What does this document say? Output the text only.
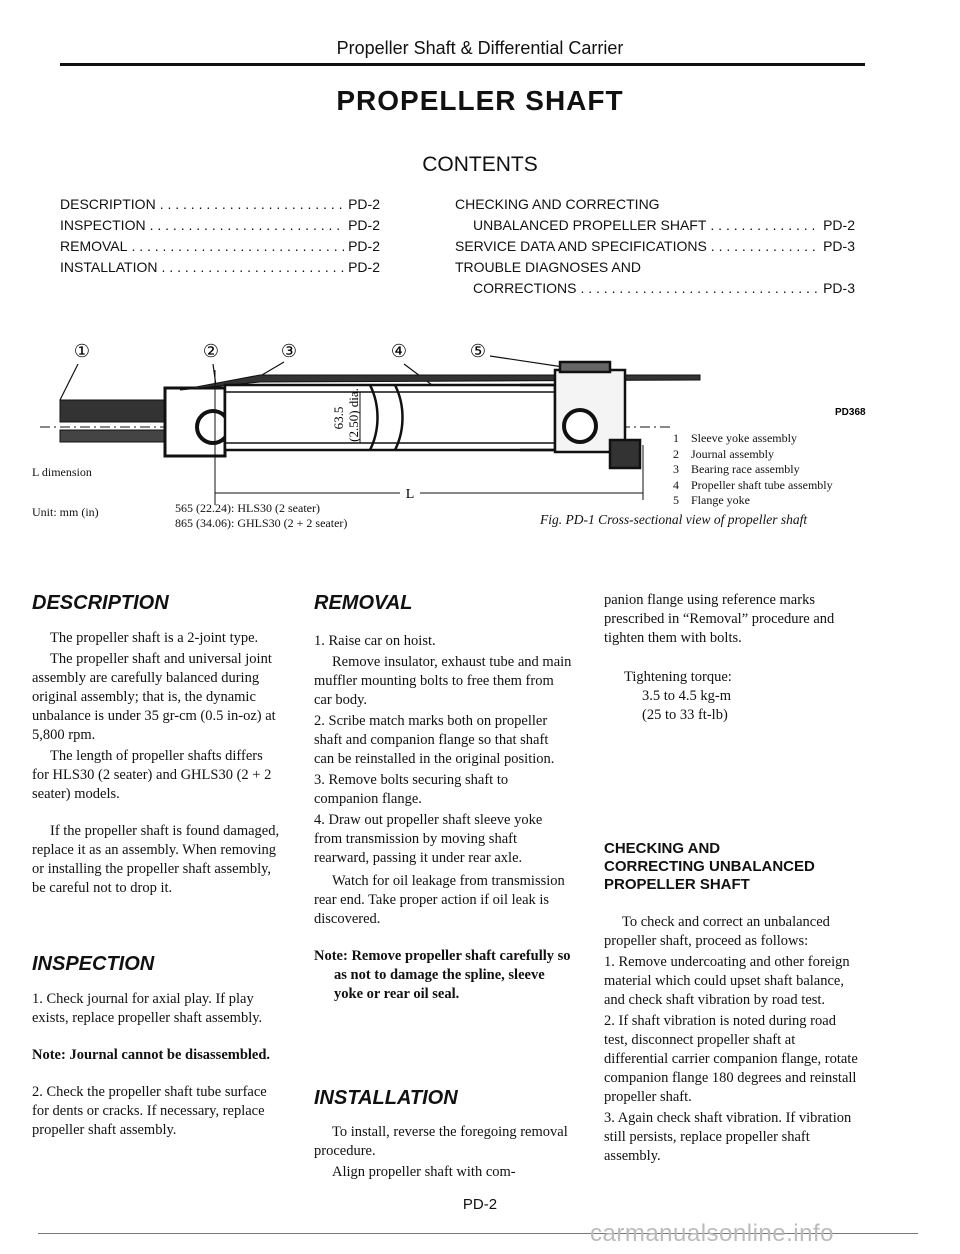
Propeller Shaft & Differential Carrier
PROPELLER SHAFT
CONTENTS
DESCRIPTION . . .	PD-2
INSPECTION . . .	PD-2
REMOVAL . . .	PD-2
INSTALLATION . . .	PD-2
CHECKING AND CORRECTING
UNBALANCED PROPELLER SHAFT . . .	PD-2
SERVICE DATA AND SPECIFICATIONS . . .	PD-3
TROUBLE DIAGNOSES AND
CORRECTIONS . . .	PD-3
①	②	③	④	⑤
L
63.5 (2.50) dia.	PD368
L dimension
Unit: mm (in)	565 (22.24): HLS30 (2 seater)
865 (34.06): GHLS30 (2 + 2 seater)
1 Sleeve yoke assembly
2 Journal assembly
3 Bearing race assembly
4 Propeller shaft tube assembly
5 Flange yoke
Fig. PD-1 Cross-sectional view of propeller shaft
DESCRIPTION

The propeller shaft is a 2-joint type.

The propeller shaft and universal joint assembly are carefully balanced during original assembly; that is, the dynamic unbalance is under 35 gr-cm (0.5 in-oz) at 5,800 rpm.

The length of propeller shafts differs for HLS30 (2 seater) and GHLS30 (2 + 2 seater) models.

If the propeller shaft is found damaged, replace it as an assembly. When removing or installing the propeller shaft assembly, be careful not to drop it.

INSPECTION

1. Check journal for axial play. If play exists, replace propeller shaft assembly.

Note: Journal cannot be disassembled.

2. Check the propeller shaft tube surface for dents or cracks. If necessary, replace propeller shaft assembly.

REMOVAL

1. Raise car on hoist.

Remove insulator, exhaust tube and main muffler mounting bolts to free them from car body.

2. Scribe match marks both on propeller shaft and companion flange so that shaft can be reinstalled in the original position.

3. Remove bolts securing shaft to companion flange.

4. Draw out propeller shaft sleeve yoke from transmission by moving shaft rearward, passing it under rear axle.

Watch for oil leakage from transmission rear end. Take proper action if oil leak is discovered.

Note: Remove propeller shaft carefully so as not to damage the spline, sleeve yoke or rear oil seal.

INSTALLATION

To install, reverse the foregoing removal procedure.

Align propeller shaft with com-

panion flange using reference marks prescribed in “Removal” procedure and tighten them with bolts.

Tightening torque:
3.5 to 4.5 kg-m
(25 to 33 ft-lb)
CHECKING AND
CORRECTING UNBALANCED
PROPELLER SHAFT

To check and correct an unbalanced propeller shaft, proceed as follows:

1. Remove undercoating and other foreign material which could upset shaft balance, and check shaft vibration by road test.

2. If shaft vibration is noted during road test, disconnect propeller shaft at differential carrier companion flange, rotate companion flange 180 degrees and reinstall propeller shaft.

3. Again check shaft vibration. If vibration still persists, replace propeller shaft assembly.

PD-2
carmanualsonline.info
